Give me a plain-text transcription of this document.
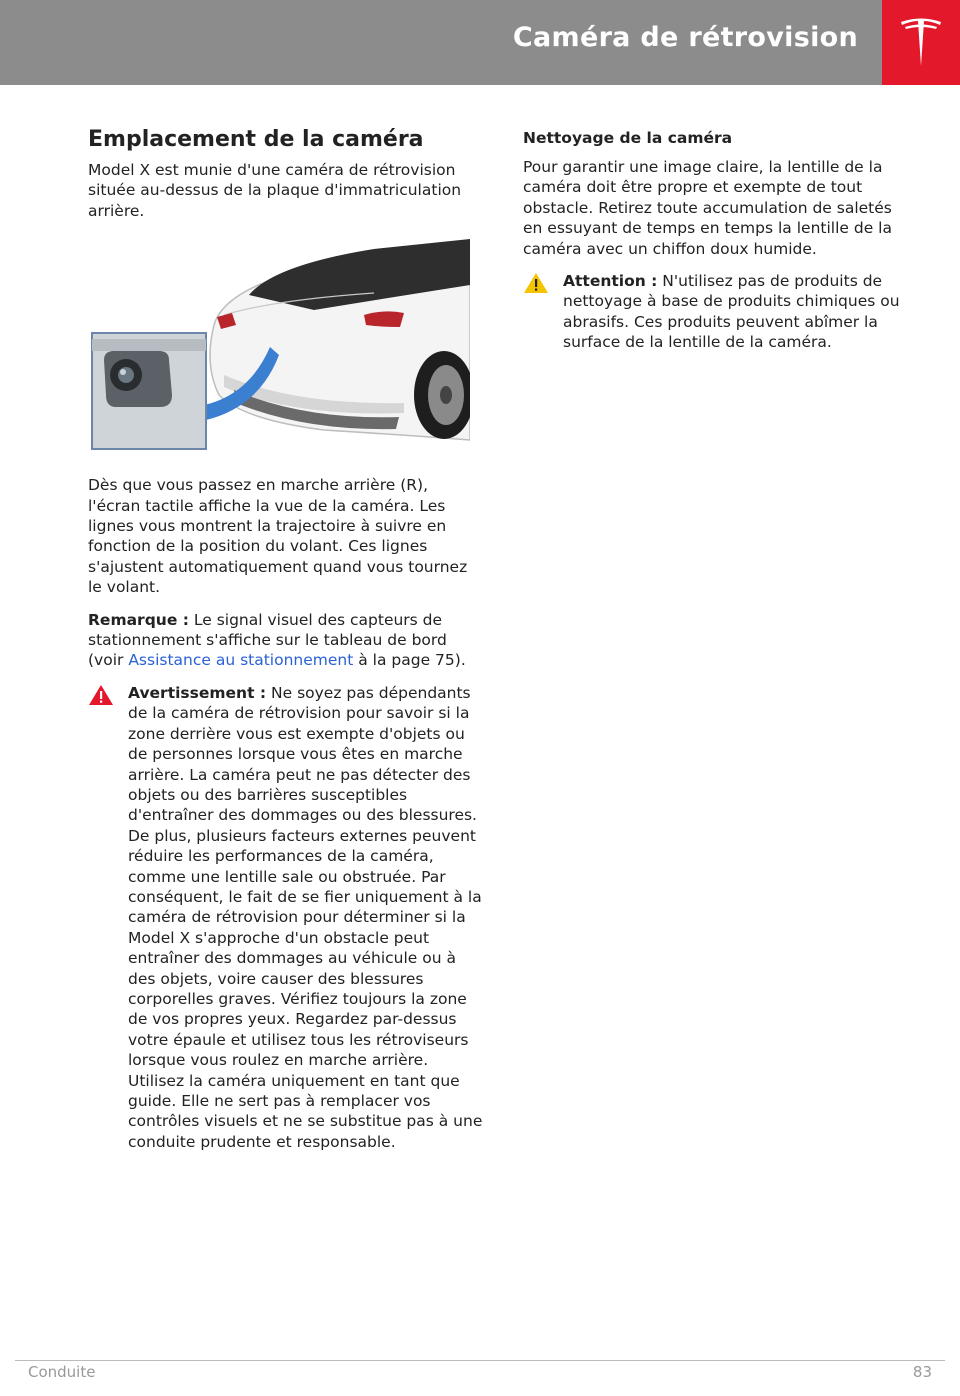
Caméra de rétrovision
Emplacement de la caméra

Model X est munie d'une caméra de rétrovision située au-dessus de la plaque d'immatriculation arrière.

Dès que vous passez en marche arrière (R), l'écran tactile affiche la vue de la caméra. Les lignes vous montrent la trajectoire à suivre en fonction de la position du volant. Ces lignes s'ajustent automatiquement quand vous tournez le volant.

Remarque : Le signal visuel des capteurs de stationnement s'affiche sur le tableau de bord (voir Assistance au stationnement à la page 75).

Avertissement : Ne soyez pas dépendants de la caméra de rétrovision pour savoir si la zone derrière vous est exempte d'objets ou de personnes lorsque vous êtes en marche arrière. La caméra peut ne pas détecter des objets ou des barrières susceptibles d'entraîner des dommages ou des blessures. De plus, plusieurs facteurs externes peuvent réduire les performances de la caméra, comme une lentille sale ou obstruée. Par conséquent, le fait de se fier uniquement à la caméra de rétrovision pour déterminer si la Model X s'approche d'un obstacle peut entraîner des dommages au véhicule ou à des objets, voire causer des blessures corporelles graves. Vérifiez toujours la zone de vos propres yeux. Regardez par-dessus votre épaule et utilisez tous les rétroviseurs lorsque vous roulez en marche arrière. Utilisez la caméra uniquement en tant que guide. Elle ne sert pas à remplacer vos contrôles visuels et ne se substitue pas à une conduite prudente et responsable.
Nettoyage de la caméra

Pour garantir une image claire, la lentille de la caméra doit être propre et exempte de tout obstacle. Retirez toute accumulation de saletés en essuyant de temps en temps la lentille de la caméra avec un chiffon doux humide.

Attention : N'utilisez pas de produits de nettoyage à base de produits chimiques ou abrasifs. Ces produits peuvent abîmer la surface de la lentille de la caméra.
Conduite	83
